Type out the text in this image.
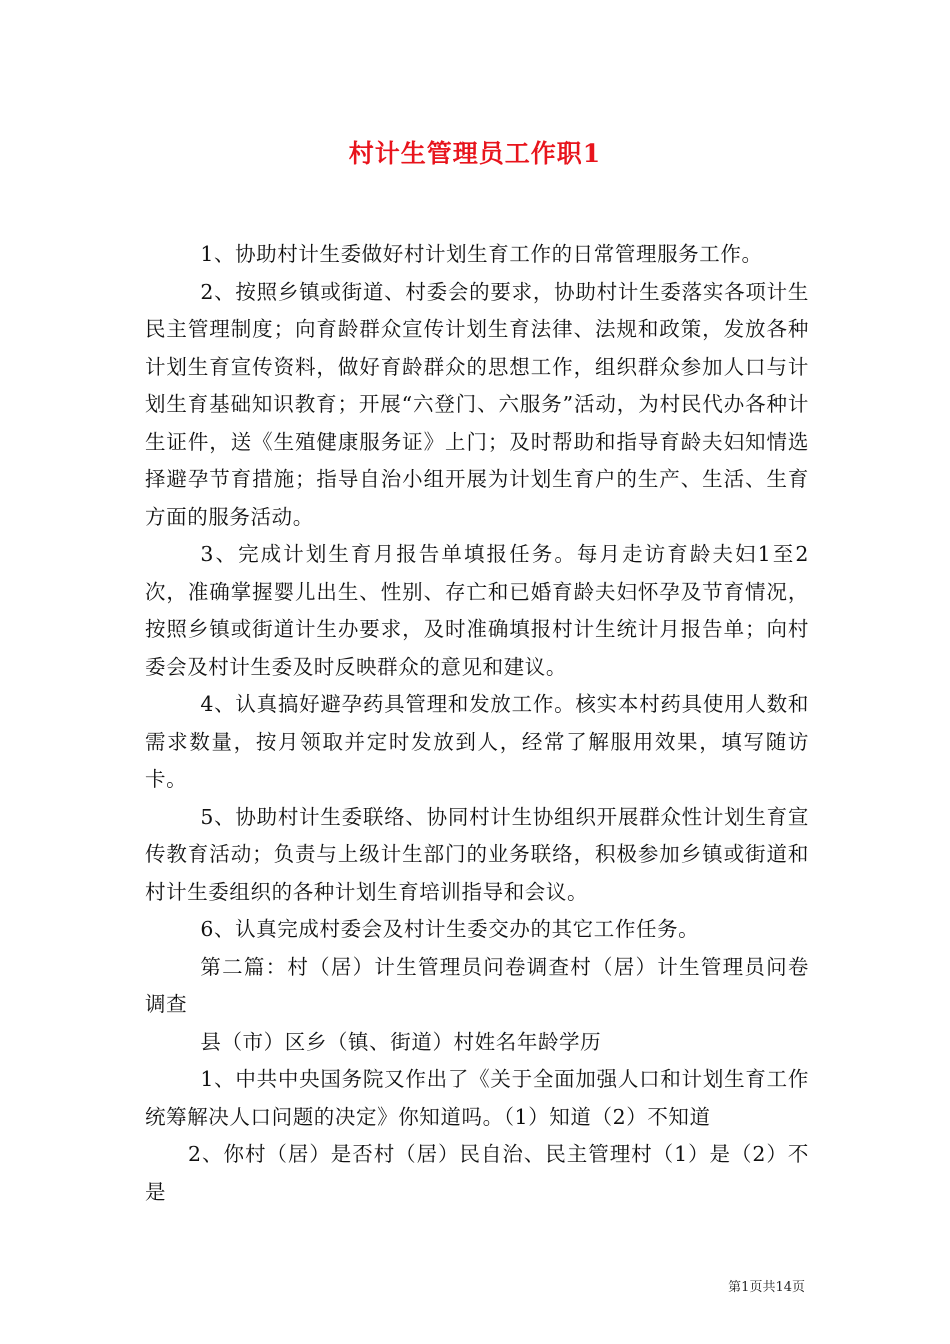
村计生管理员工作职1

1、协助村计生委做好村计划生育工作的日常管理服务工作。

2、按照乡镇或街道、村委会的要求，协助村计生委落实各项计生民主管理制度；向育龄群众宣传计划生育法律、法规和政策，发放各种计划生育宣传资料，做好育龄群众的思想工作，组织群众参加人口与计划生育基础知识教育；开展“六登门、六服务”活动，为村民代办各种计生证件，送《生殖健康服务证》上门；及时帮助和指导育龄夫妇知情选择避孕节育措施；指导自治小组开展为计划生育户的生产、生活、生育方面的服务活动。

3、完成计划生育月报告单填报任务。每月走访育龄夫妇1至2次，准确掌握婴儿出生、性别、存亡和已婚育龄夫妇怀孕及节育情况，按照乡镇或街道计生办要求，及时准确填报村计生统计月报告单；向村委会及村计生委及时反映群众的意见和建议。

4、认真搞好避孕药具管理和发放工作。核实本村药具使用人数和需求数量，按月领取并定时发放到人，经常了解服用效果，填写随访卡。

5、协助村计生委联络、协同村计生协组织开展群众性计划生育宣传教育活动；负责与上级计生部门的业务联络，积极参加乡镇或街道和村计生委组织的各种计划生育培训指导和会议。

6、认真完成村委会及村计生委交办的其它工作任务。

第二篇：村（居）计生管理员问卷调查村（居）计生管理员问卷调查

县（市）区乡（镇、街道）村姓名年龄学历

1、中共中央国务院又作出了《关于全面加强人口和计划生育工作统筹解决人口问题的决定》你知道吗。（1）知道（2）不知道

2、你村（居）是否村（居）民自治、民主管理村（1）是（2）不是

第1页共14页
